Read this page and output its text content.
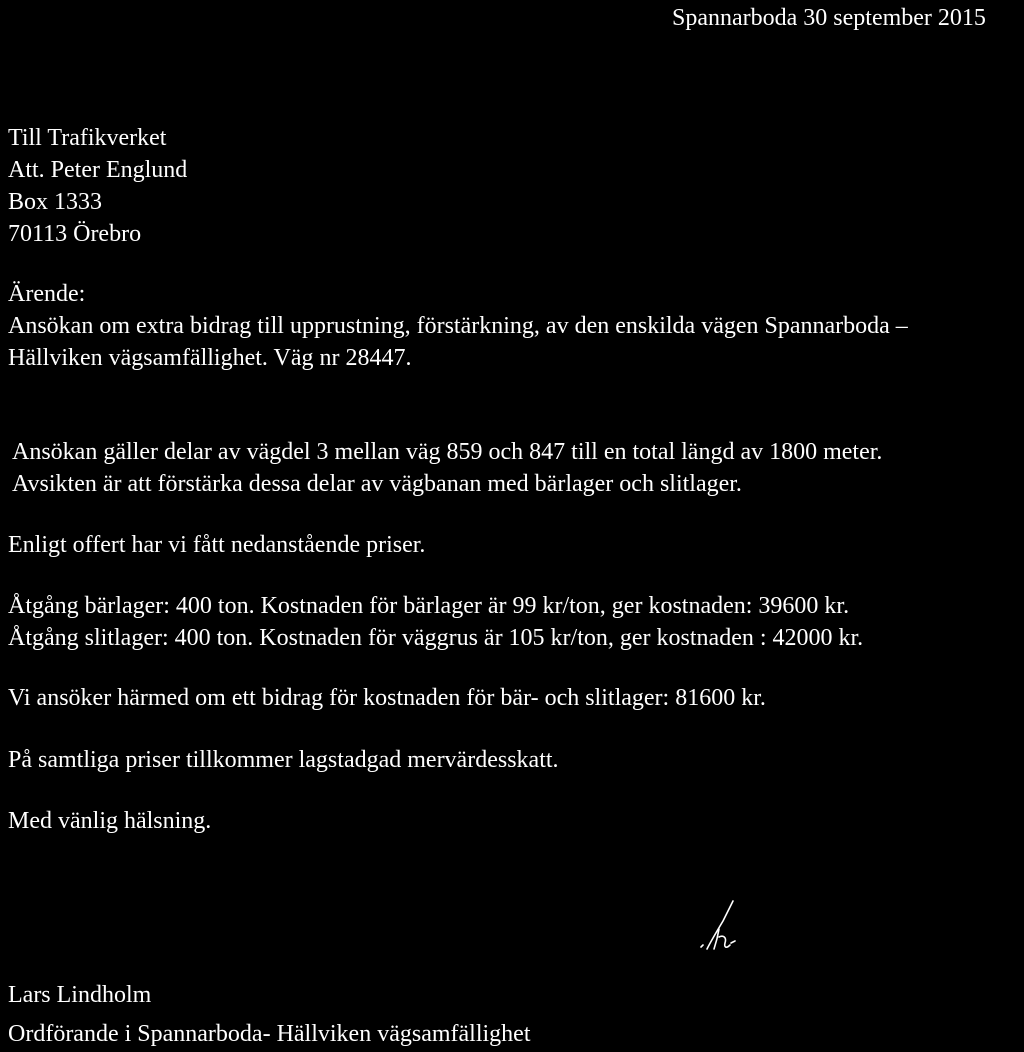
Spannarboda 30 september 2015

Till Trafikverket

Att. Peter Englund

Box 1333

70113 Örebro

Ärende:

Ansökan om extra bidrag till upprustning, förstärkning, av den enskilda vägen Spannarboda –

Hällviken vägsamfällighet. Väg nr 28447.

Ansökan gäller delar av vägdel 3 mellan väg 859 och 847 till en total längd av 1800 meter.

Avsikten är att förstärka dessa delar av vägbanan med bärlager och slitlager.

Enligt offert har vi fått nedanstående priser.

Åtgång bärlager: 400 ton. Kostnaden för bärlager är 99 kr/ton, ger kostnaden: 39600 kr.

Åtgång slitlager: 400 ton. Kostnaden för väggrus är 105 kr/ton, ger kostnaden : 42000 kr.

Vi ansöker härmed om ett bidrag för kostnaden för bär- och slitlager: 81600 kr.

På samtliga priser tillkommer lagstadgad mervärdesskatt.

Med vänlig hälsning.

Lars Lindholm

Ordförande i Spannarboda- Hällviken vägsamfällighet
